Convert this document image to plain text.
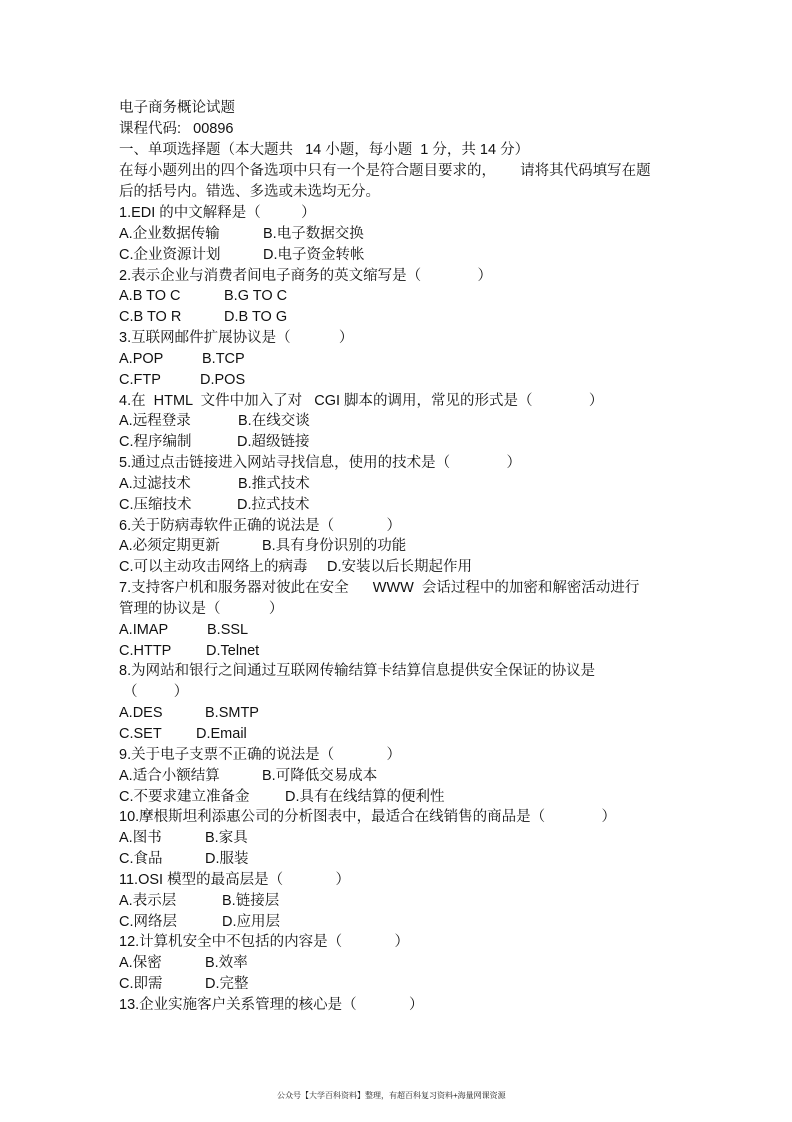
电子商务概论试题
课程代码: 00896
一、单项选择题（本大题共   14 小题，每小题  1 分，共 14 分）
在每小题列出的四个备选项中只有一个是符合题目要求的，      请将其代码填写在题
后的括号内。错选、多选或未选均无分。
1.EDI 的中文解释是（          ）
A.企业数据传输	B.电子数据交换
C.企业资源计划	D.电子资金转帐
2.表示企业与消费者间电子商务的英文缩写是（              ）
A.B TO C	B.G TO C
C.B TO R	D.B TO G
3.互联网邮件扩展协议是（            ）
A.POP	B.TCP
C.FTP	D.POS
4.在  HTML  文件中加入了对   CGI 脚本的调用，常见的形式是（              ）
A.远程登录	B.在线交谈
C.程序编制	D.超级链接
5.通过点击链接进入网站寻找信息，使用的技术是（              ）
A.过滤技术	B.推式技术
C.压缩技术	D.拉式技术
6.关于防病毒软件正确的说法是（             ）
A.必须定期更新	B.具有身份识别的功能
C.可以主动攻击网络上的病毒 D.安装以后长期起作用
7.支持客户机和服务器对彼此在安全      WWW  会话过程中的加密和解密活动进行
管理的协议是（            ）
A.IMAP	B.SSL
C.HTTP D.Telnet
8.为网站和银行之间通过互联网传输结算卡结算信息提供安全保证的协议是
（         ）
A.DES	B.SMTP
C.SET D.Email
9.关于电子支票不正确的说法是（             ）
A.适合小额结算	B.可降低交易成本
C.不要求建立准备金 D.具有在线结算的便利性
10.摩根斯坦利添惠公司的分析图表中，最适合在线销售的商品是（              ）
A.图书	B.家具
C.食品	D.服装
11.OSI 模型的最高层是（             ）
A.表示层	B.链接层
C.网络层	D.应用层
12.计算机安全中不包括的内容是（             ）
A.保密	B.效率
C.即需	D.完整
13.企业实施客户关系管理的核心是（             ）
公众号【大学百科资料】整理，有超百科复习资料+海量网课资源
